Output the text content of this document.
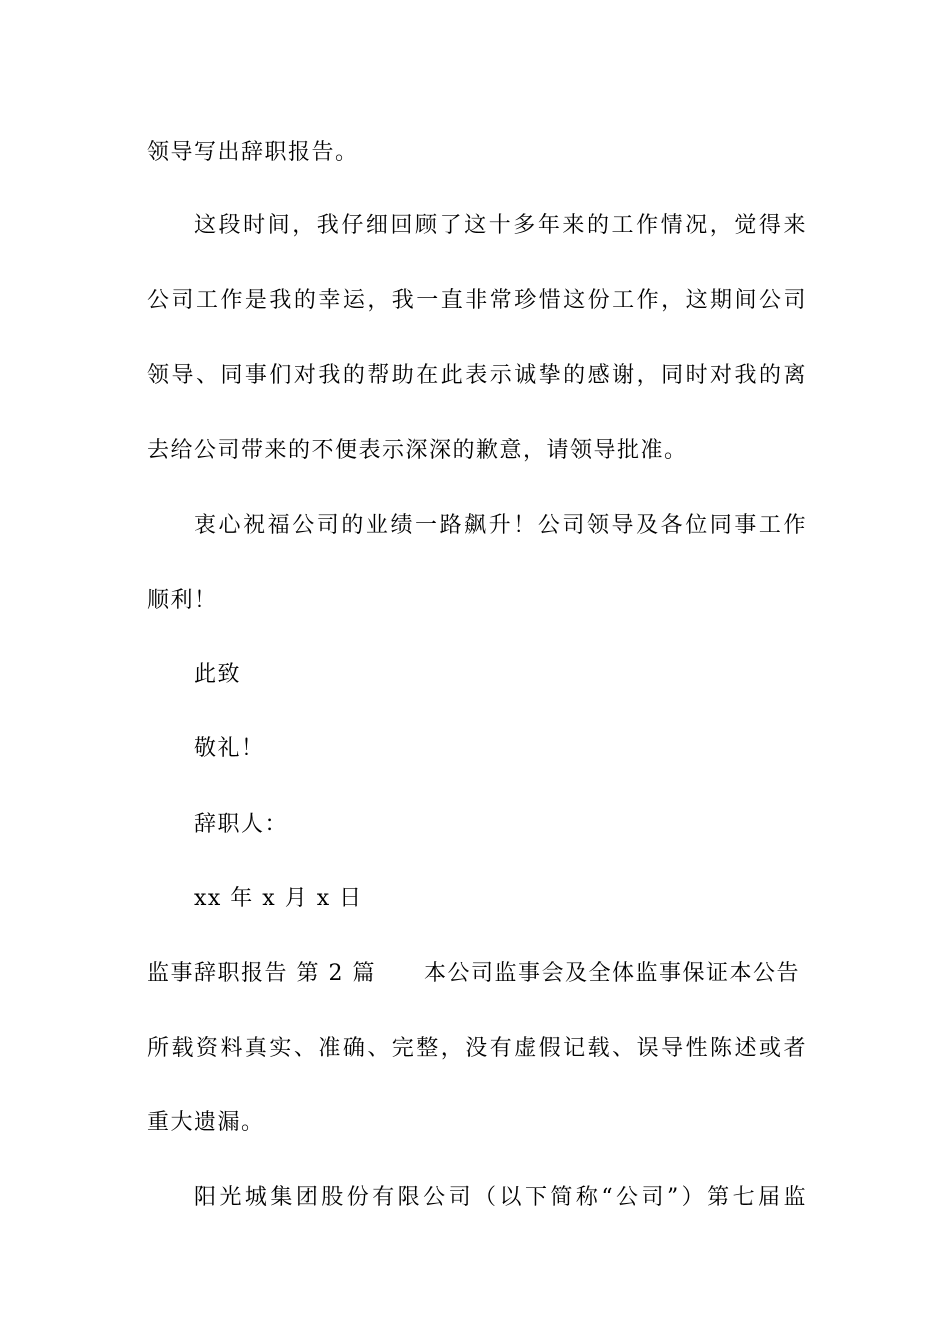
领导写出辞职报告。
这段时间，我仔细回顾了这十多年来的工作情况，觉得来
公司工作是我的幸运，我一直非常珍惜这份工作，这期间公司
领导、同事们对我的帮助在此表示诚挚的感谢，同时对我的离
去给公司带来的不便表示深深的歉意，请领导批准。
衷心祝福公司的业绩一路飙升！公司领导及各位同事工作
顺利！
此致
敬礼！
辞职人：
xx 年 x 月 x 日
监事辞职报告 第 2 篇 本公司监事会及全体监事保证本公告
所载资料真实、准确、完整，没有虚假记载、误导性陈述或者
重大遗漏。
阳光城集团股份有限公司（以下简称“公司”）第七届监
